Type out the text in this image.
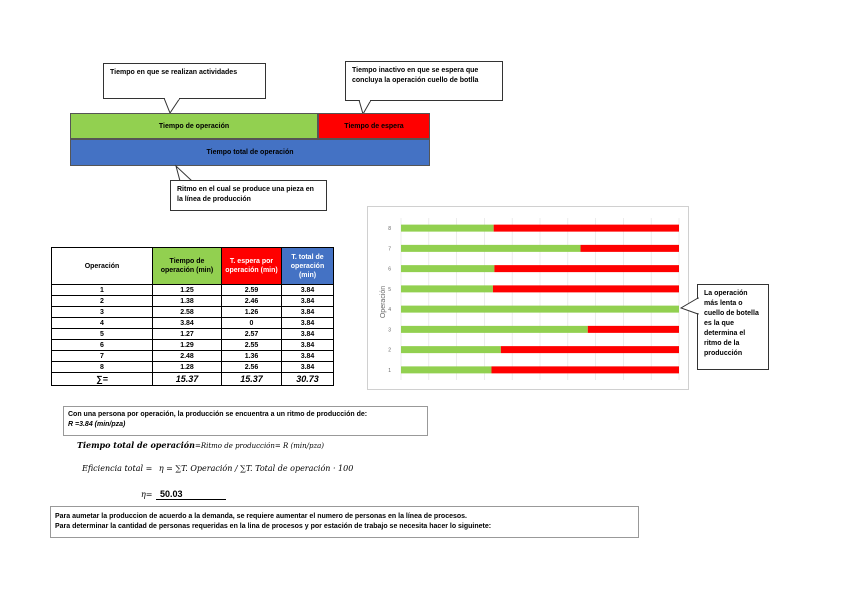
Tiempo en que se realizan actividades	Tiempo inactivo en que se espera que concluya la operación cuello de botlla
Tiempo de operación	Tiempo de espera
Tiempo total de operación
Ritmo en el cual se produce una pieza en la línea de producción
Operación	Tiempo de operación (min)	T. espera por operación (min)	T. total de operación (min)
1	1.25	2.59	3.84
2	1.38	2.46	3.84
3	2.58	1.26	3.84
4	3.84	0	3.84
5	1.27	2.57	3.84
6	1.29	2.55	3.84
7	2.48	1.36	3.84
8	1.28	2.56	3.84
∑=	15.37	15.37	30.73
1
2
3
4
5
6
7
8
Operación	La operación más lenta o cuello de botella es la que determina el ritmo de la producción
Con una persona por operación, la producción se encuentra a un ritmo de producción de:
R =3.84 (min/pza)
Tiempo total de operación=Ritmo de producción= R (min/pza)
Eficiencia total = η = ∑T. Operación / ∑T. Total de operación · 100
η= 50.03
Para aumetar la produccion de acuerdo a la demanda, se requiere aumentar el numero de personas en la línea de procesos.
Para determinar la cantidad de personas requeridas en la lina de procesos y por estación de trabajo se necesita hacer lo siguinete:
